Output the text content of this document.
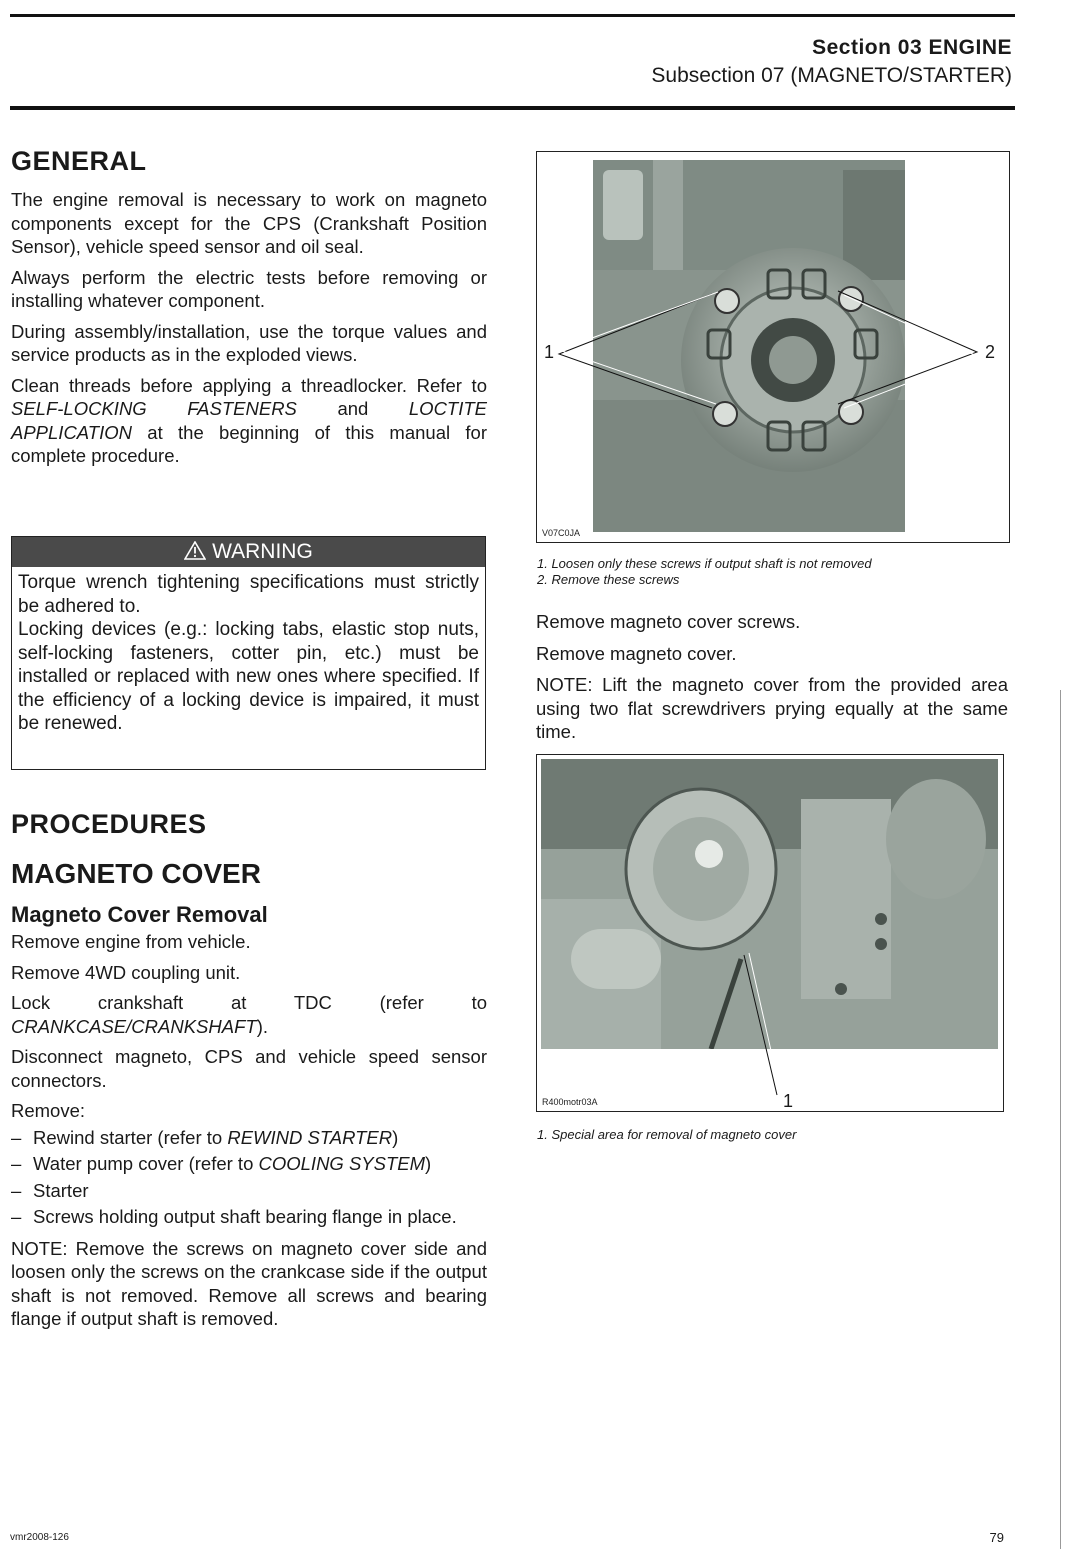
Section 03 ENGINE
Subsection 07 (MAGNETO/STARTER)
GENERAL

The engine removal is necessary to work on magneto components except for the CPS (Crankshaft Position Sensor), vehicle speed sensor and oil seal.

Always perform the electric tests before removing or installing whatever component.

During assembly/installation, use the torque values and service products as in the exploded views.

Clean threads before applying a threadlocker. Refer to SELF-LOCKING FASTENERS and LOCTITE APPLICATION at the beginning of this manual for complete procedure.

WARNING

Torque wrench tightening specifications must strictly be adhered to.

Locking devices (e.g.: locking tabs, elastic stop nuts, self-locking fasteners, cotter pin, etc.) must be installed or replaced with new ones where specified. If the efficiency of a locking device is impaired, it must be renewed.

PROCEDURES
MAGNETO COVER
Magneto Cover Removal

Remove engine from vehicle.

Remove 4WD coupling unit.

Lock crankshaft at TDC (refer to CRANKCASE/CRANKSHAFT).

Disconnect magneto, CPS and vehicle speed sensor connectors.

Remove:

– Rewind starter (refer to REWIND STARTER)
– Water pump cover (refer to COOLING SYSTEM)
– Starter
– Screws holding output shaft bearing flange in place.

NOTE: Remove the screws on magneto cover side and loosen only the screws on the crankcase side if the output shaft is not removed. Remove all screws and bearing flange if output shaft is removed.

1	2
V07C0JA
1. Loosen only these screws if output shaft is not removed
2. Remove these screws

Remove magneto cover screws.

Remove magneto cover.

NOTE: Lift the magneto cover from the provided area using two flat screwdrivers prying equally at the same time.

1
R400motr03A
1. Special area for removal of magneto cover
vmr2008-126	79
